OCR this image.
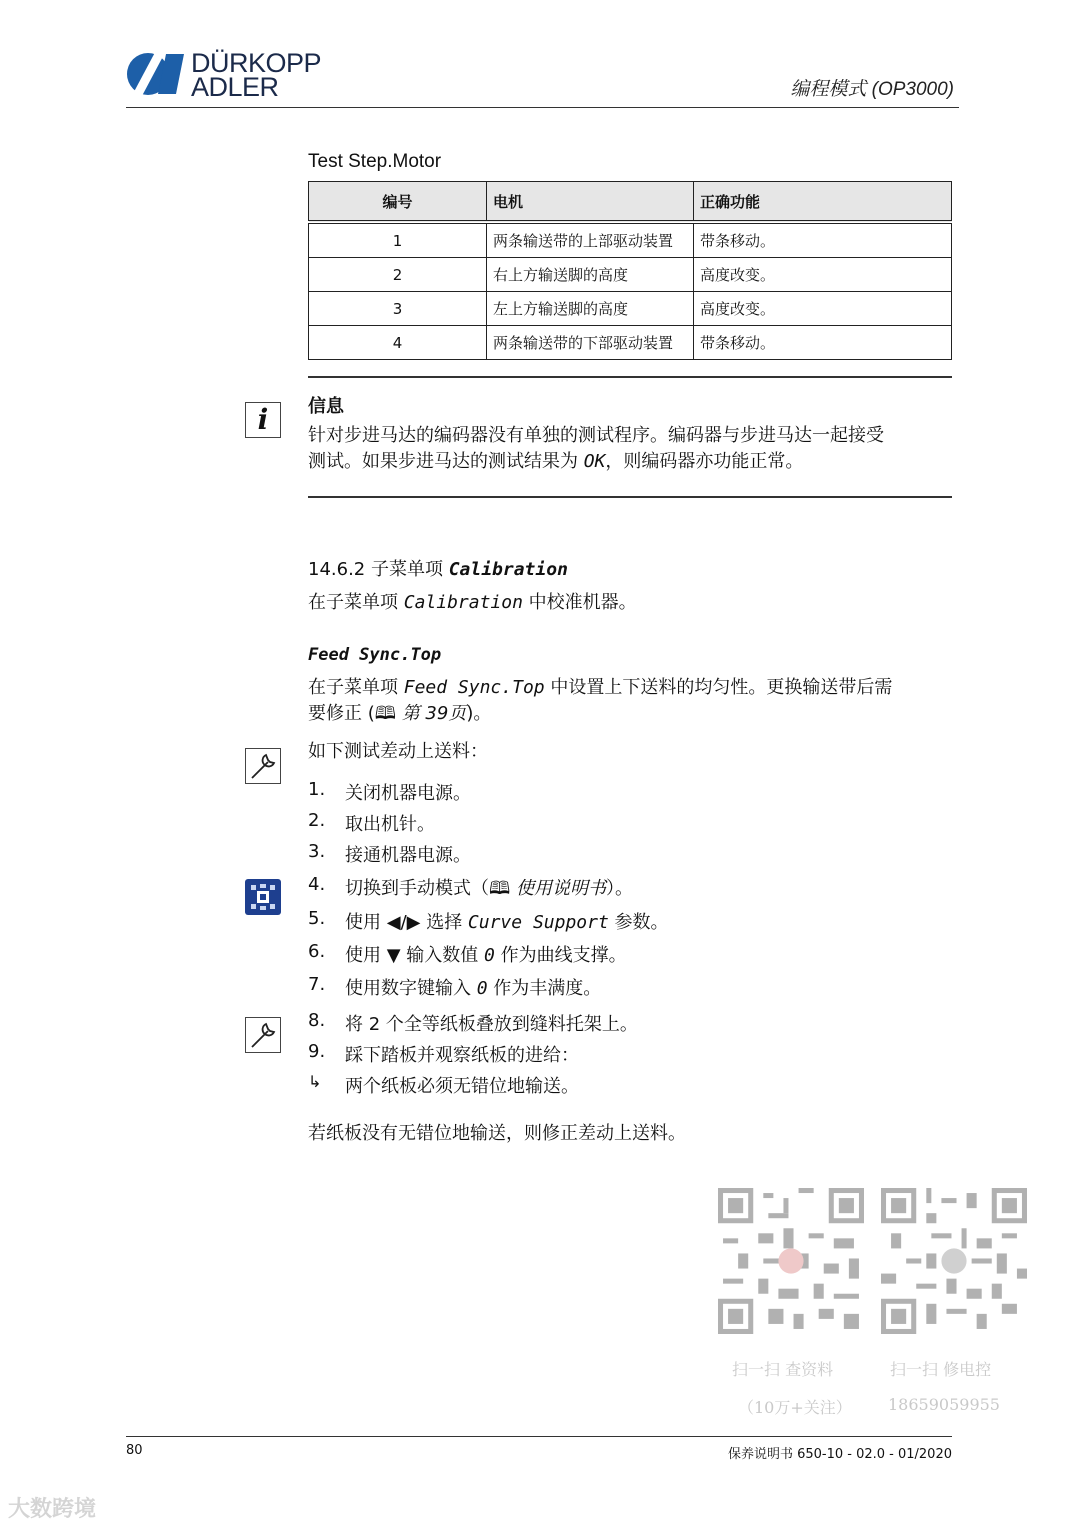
DÜRKOPP
ADLER	编程模式 (OP3000)
Test Step.Motor
编号	电机	正确功能
1	两条输送带的上部驱动装置	带条移动。
2	右上方输送脚的高度	高度改变。
3	左上方输送脚的高度	高度改变。
4	两条输送带的下部驱动装置	带条移动。
i	信息
针对步进马达的编码器没有单独的测试程序。编码器与步进马达一起接受
测试。如果步进马达的测试结果为 OK，则编码器亦功能正常。
14.6.2 子菜单项 Calibration
在子菜单项 Calibration 中校准机器。
Feed Sync.Top
在子菜单项 Feed Sync.Top 中设置上下送料的均匀性。更换输送带后需
要修正 (🕮 第 39页)。
如下测试差动上送料：
1. 关闭机器电源。
2. 取出机针。
3. 接通机器电源。
4. 切换到手动模式（🕮 使用说明书）。
5. 使用 ◀/▶ 选择 Curve Support 参数。
6. 使用 ▼ 输入数值 0 作为曲线支撑。
7. 使用数字键输入 0 作为丰满度。
8. 将 2 个全等纸板叠放到缝料托架上。
9. 踩下踏板并观察纸板的进给：
↳ 两个纸板必须无错位地输送。
若纸板没有无错位地输送，则修正差动上送料。
扫一扫 查资料
（10万+关注）
扫一扫 修电控
18659059955
80	保养说明书 650-10 - 02.0 - 01/2020
大数跨境
